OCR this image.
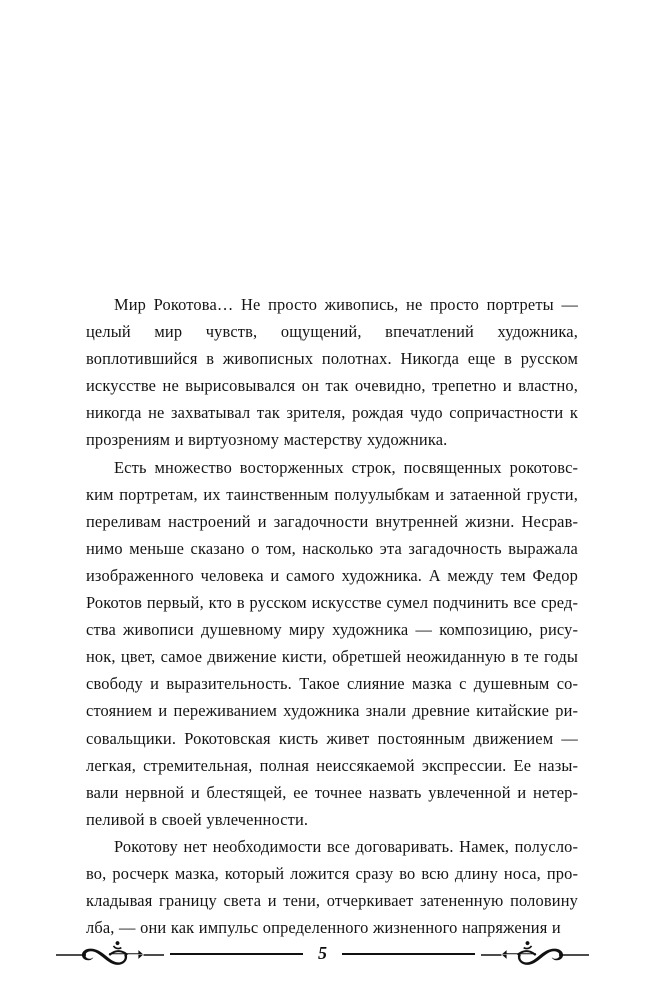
Мир Рокотова… Не просто живопись, не просто портреты — целый мир чувств, ощущений, впечатлений художника, воплотившийся в живописных полотнах. Никогда еще в русском искусстве не вырисовывался он так очевидно, трепетно и властно, никогда не захватывал так зрителя, рождая чудо сопричастности к прозрениям и виртуозному мастерству художника.

Есть множество восторженных строк, посвященных рокотовским портретам, их таинственным полуулыбкам и затаенной грусти, переливам настроений и загадочности внутренней жизни. Несравнимо меньше сказано о том, насколько эта загадочность выражала изображенного человека и самого художника. А между тем Федор Рокотов первый, кто в русском искусстве сумел подчинить все средства живописи душевному миру художника — композицию, рисунок, цвет, самое движение кисти, обретшей неожиданную в те годы свободу и выразительность. Такое слияние мазка с душевным состоянием и переживанием художника знали древние китайские рисовальщики. Рокотовская кисть живет постоянным движением — легкая, стремительная, полная неиссякаемой экспрессии. Ее называли нервной и блестящей, ее точнее назвать увлеченной и нетерпеливой в своей увлеченности.

Рокотову нет необходимости все договаривать. Намек, полуслово, росчерк мазка, который ложится сразу во всю длину носа, прокладывая границу света и тени, отчеркивает затененную половину лба, — они как импульс определенного жизненного напряжения и

5
